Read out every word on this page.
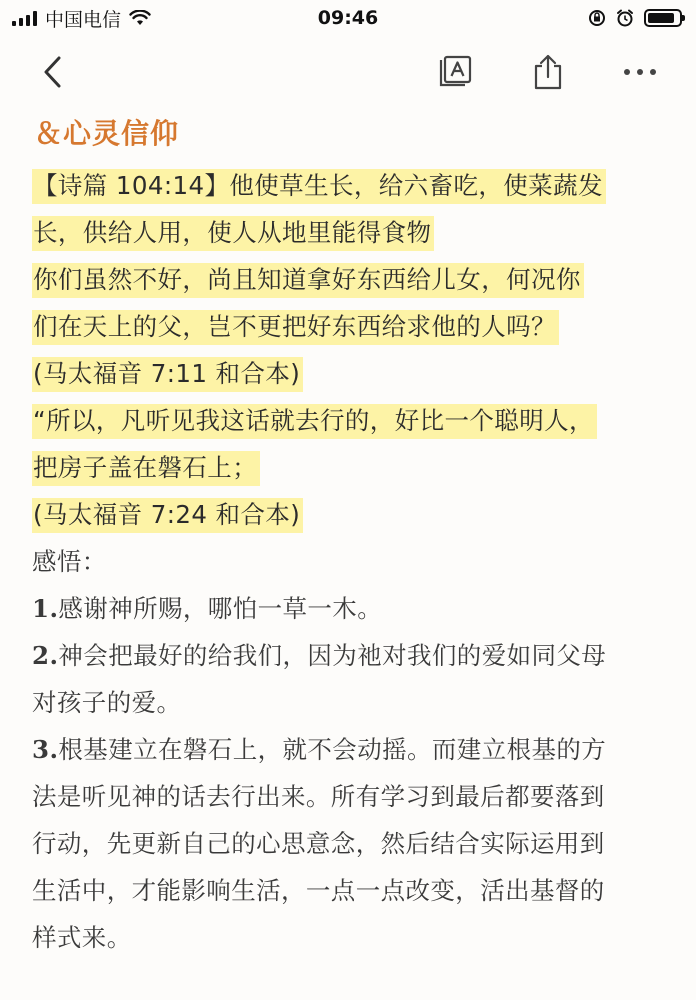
中国电信	09:46
＆心灵信仰
【诗篇 104:14】他使草生长，给六畜吃，使菜蔬发
长，供给人用，使人从地里能得食物
你们虽然不好，尚且知道拿好东西给儿女，何况你
们在天上的父，岂不更把好东西给求他的人吗？
(马太福音 7:11 和合本)
“所以，凡听见我这话就去行的，好比一个聪明人，
把房子盖在磐石上；
(马太福音 7:24 和合本)
感悟：
1.感谢神所赐，哪怕一草一木。
2.神会把最好的给我们，因为祂对我们的爱如同父母
对孩子的爱。
3.根基建立在磐石上，就不会动摇。而建立根基的方
法是听见神的话去行出来。所有学习到最后都要落到
行动，先更新自己的心思意念，然后结合实际运用到
生活中，才能影响生活，一点一点改变，活出基督的
样式来。
